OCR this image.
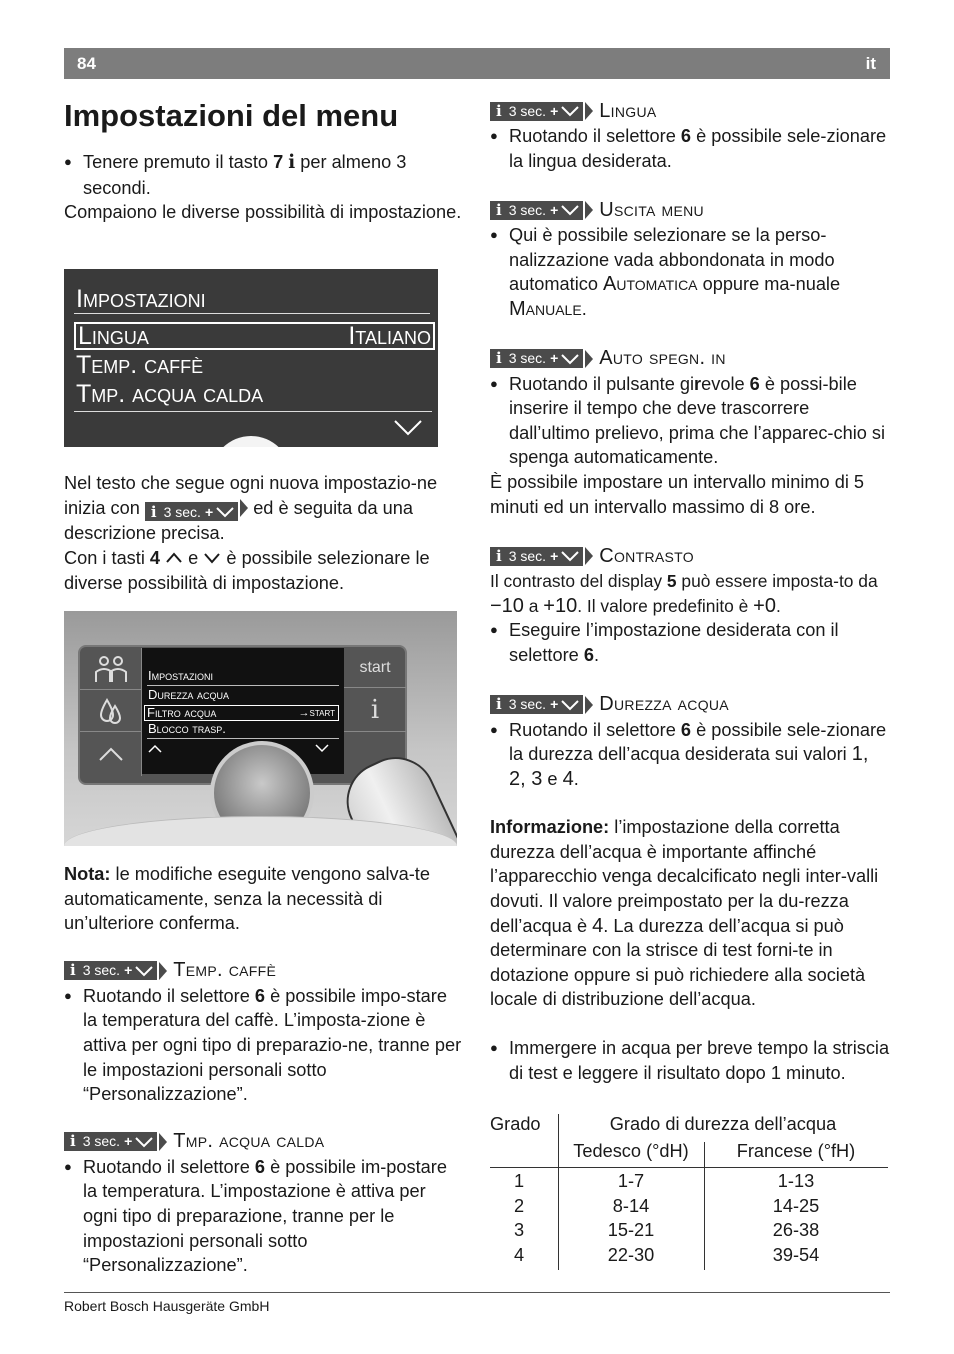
84	it
Impostazioni del menu

● Tenere premuto il tasto 7 i per almeno 3 secondi.

Compaiono le diverse possibilità di impostazione.

Impostazioni
Lingua	Italiano
Temp. caffè
Tmp. acqua calda

Nel testo che segue ogni nuova impostazio-ne inizia con i 3 sec. + ed è seguita da una descrizione precisa.

Con i tasti 4  e  è possibile selezionare le diverse possibilità di impostazione.

Impostazioni
Durezza acqua
→start
Filtro acqua
Blocco trasp.
start
i

Nota: le modifiche eseguite vengono salva-te automaticamente, senza la necessità di un’ulteriore conferma.

i 3 sec. + Temp. caffè

● Ruotando il selettore 6 è possibile impo-stare la temperatura del caffè. L’imposta-zione è attiva per ogni tipo di preparazio-ne, tranne per le impostazioni personali sotto “Personalizzazione”.

i 3 sec. + Tmp. acqua calda

● Ruotando il selettore 6 è possibile im-postare la temperatura. L’impostazione è attiva per ogni tipo di preparazione, tranne per le impostazioni personali sotto “Personalizzazione”.

i 3 sec. + Lingua

● Ruotando il selettore 6 è possibile sele-zionare la lingua desiderata.

i 3 sec. + Uscita menu

● Qui è possibile selezionare se la perso-nalizzazione vada abbondonata in modo automatico Automatica oppure ma-nuale Manuale.

i 3 sec. + Auto spegn. in

● Ruotando il pulsante girevole 6 è possi-bile inserire il tempo che deve trascorrere dall’ultimo prelievo, prima che l’apparec-chio si spenga automaticamente.

È possibile impostare un intervallo minimo di 5 minuti ed un intervallo massimo di 8 ore.

i 3 sec. + Contrasto

Il contrasto del display 5 può essere imposta-to da −10 a +10. Il valore predefinito è +0.

● Eseguire l’impostazione desiderata con il selettore 6.

i 3 sec. + Durezza acqua

● Ruotando il selettore 6 è possibile sele-zionare la durezza dell’acqua desiderata sui valori 1, 2, 3 e 4.

Informazione: l’impostazione della corretta durezza dell’acqua è importante affinché l’apparecchio venga decalcificato negli inter-valli dovuti. Il valore preimpostato per la du-rezza dell’acqua è 4. La durezza dell’acqua si può determinare con la strisce di test forni-te in dotazione oppure si può richiedere alla società locale di distribuzione dell’acqua.

● Immergere in acqua per breve tempo la striscia di test e leggere il risultato dopo 1 minuto.

Grado	Grado di durezza dell’acqua
Tedesco (°dH)	Francese (°fH)
1	1-7	1-13
2	8-14	14-25
3	15-21	26-38
4	22-30	39-54
Robert Bosch Hausgeräte GmbH
